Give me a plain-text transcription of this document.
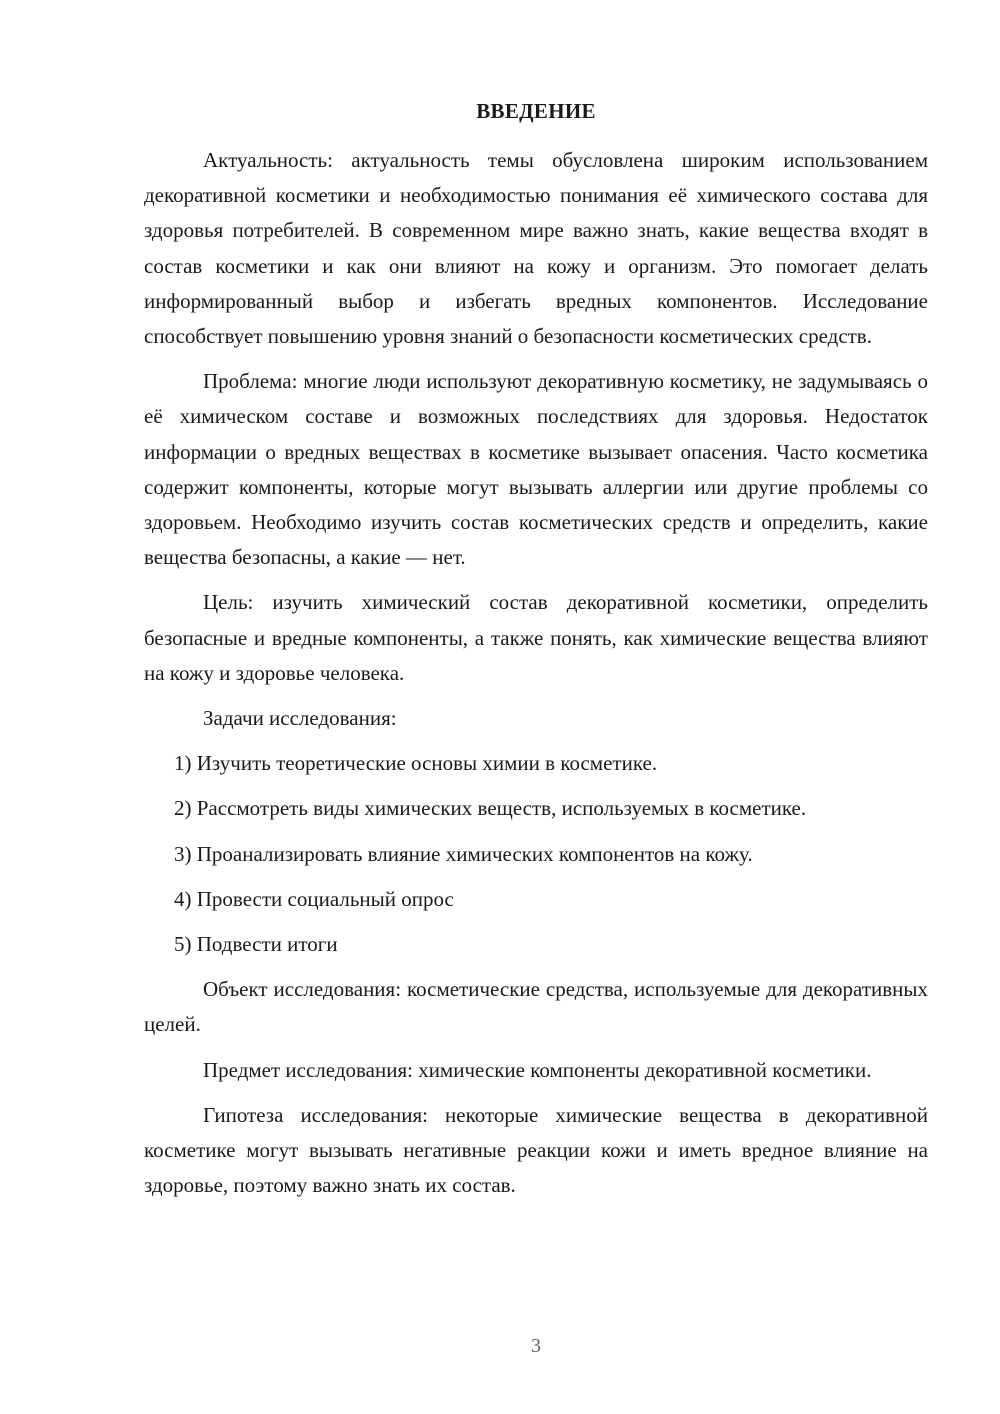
ВВЕДЕНИЕ

Актуальность: актуальность темы обусловлена широким использованием декоративной косметики и необходимостью понимания её химического состава для здоровья потребителей. В современном мире важно знать, какие вещества входят в состав косметики и как они влияют на кожу и организм. Это помогает делать информированный выбор и избегать вредных компонентов. Исследование способствует повышению уровня знаний о безопасности косметических средств.

Проблема: многие люди используют декоративную косметику, не задумываясь о её химическом составе и возможных последствиях для здоровья. Недостаток информации о вредных веществах в косметике вызывает опасения. Часто косметика содержит компоненты, которые могут вызывать аллергии или другие проблемы со здоровьем. Необходимо изучить состав косметических средств и определить, какие вещества безопасны, а какие — нет.

Цель: изучить химический состав декоративной косметики, определить безопасные и вредные компоненты, а также понять, как химические вещества влияют на кожу и здоровье человека.

Задачи исследования:

1) Изучить теоретические основы химии в косметике.

2) Рассмотреть виды химических веществ, используемых в косметике.

3) Проанализировать влияние химических компонентов на кожу.

4) Провести социальный опрос

5) Подвести итоги

Объект исследования: косметические средства, используемые для декоративных целей.

Предмет исследования: химические компоненты декоративной косметики.

Гипотеза исследования: некоторые химические вещества в декоративной косметике могут вызывать негативные реакции кожи и иметь вредное влияние на здоровье, поэтому важно знать их состав.

3
